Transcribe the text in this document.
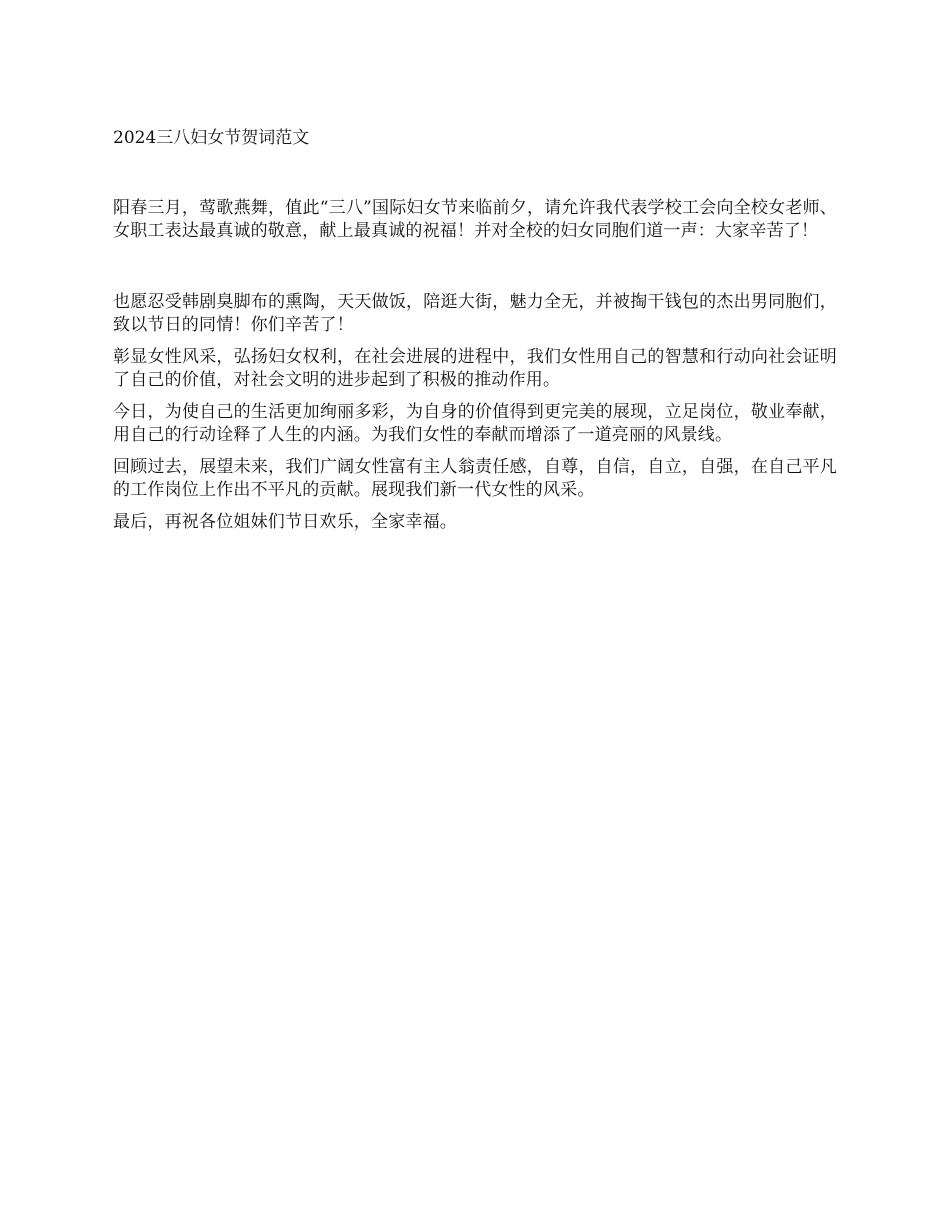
2024三八妇女节贺词范文

阳春三月，莺歌燕舞，值此“三八”国际妇女节来临前夕，请允许我代表学校工会向全校女老师、女职工表达最真诚的敬意，献上最真诚的祝福！并对全校的妇女同胞们道一声：大家辛苦了！

也愿忍受韩剧臭脚布的熏陶，天天做饭，陪逛大街，魅力全无，并被掏干钱包的杰出男同胞们，致以节日的同情！你们辛苦了！

彰显女性风采，弘扬妇女权利，在社会进展的进程中，我们女性用自己的智慧和行动向社会证明了自己的价值，对社会文明的进步起到了积极的推动作用。

今日，为使自己的生活更加绚丽多彩，为自身的价值得到更完美的展现，立足岗位，敬业奉献，用自己的行动诠释了人生的内涵。为我们女性的奉献而增添了一道亮丽的风景线。

回顾过去，展望未来，我们广阔女性富有主人翁责任感，自尊，自信，自立，自强，在自己平凡的工作岗位上作出不平凡的贡献。展现我们新一代女性的风采。

最后，再祝各位姐妹们节日欢乐，全家幸福。
